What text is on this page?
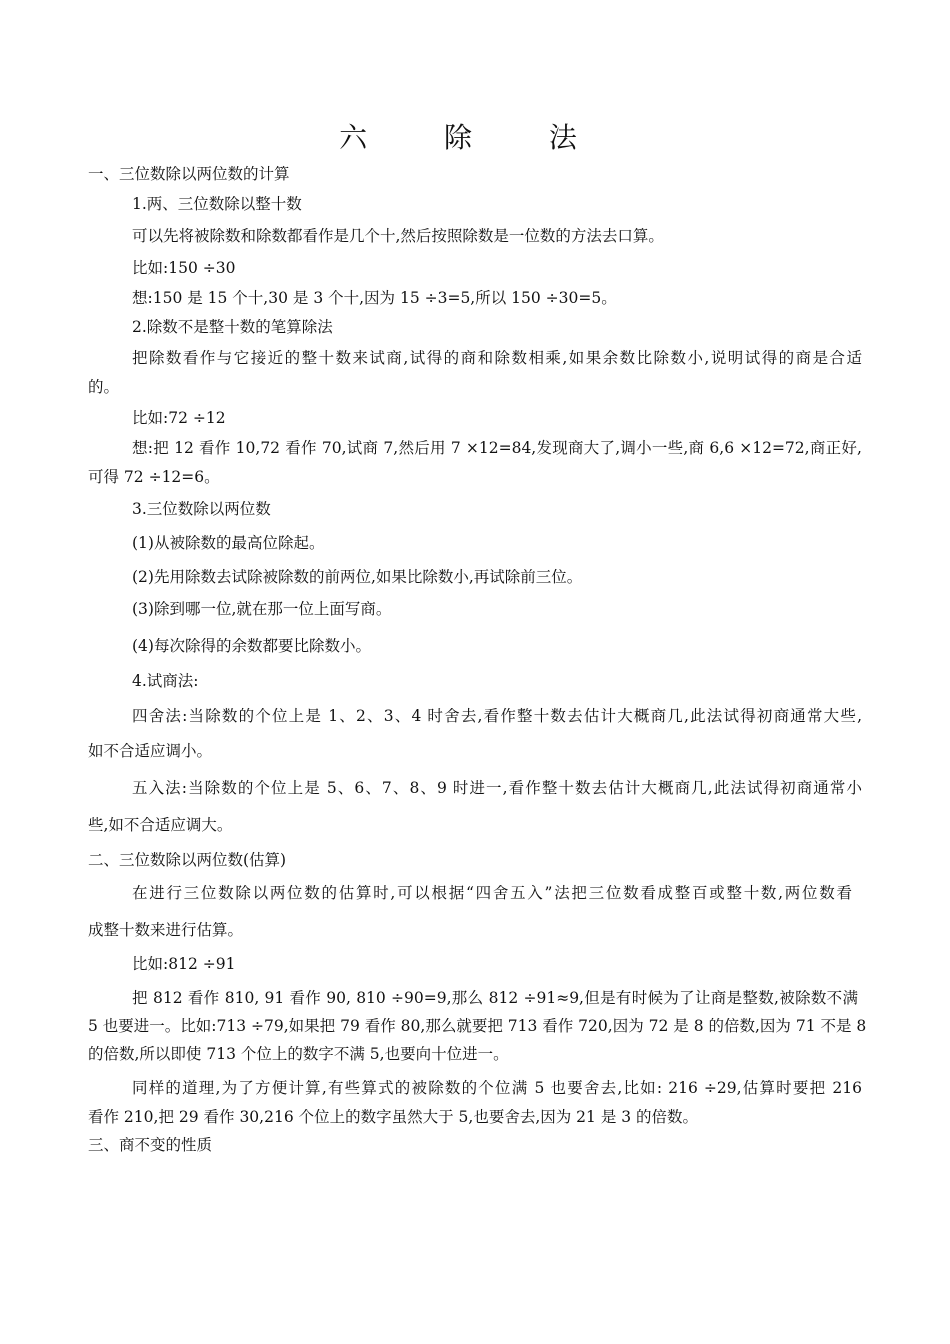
六 除 法
一、三位数除以两位数的计算
1.两、三位数除以整十数
可以先将被除数和除数都看作是几个十,然后按照除数是一位数的方法去口算。
比如:150 ÷30
想:150 是 15 个十,30 是 3 个十,因为 15 ÷3=5,所以 150 ÷30=5。
2.除数不是整十数的笔算除法
把除数看作与它接近的整十数来试商,试得的商和除数相乘,如果余数比除数小,说明试得的商是合适
的。
比如:72 ÷12
想:把 12 看作 10,72 看作 70,试商 7,然后用 7 ×12=84,发现商大了,调小一些,商 6,6 ×12=72,商正好,
可得 72 ÷12=6。
3.三位数除以两位数
(1)从被除数的最高位除起。
(2)先用除数去试除被除数的前两位,如果比除数小,再试除前三位。
(3)除到哪一位,就在那一位上面写商。
(4)每次除得的余数都要比除数小。
4.试商法:
四舍法:当除数的个位上是 1、2、3、4 时舍去,看作整十数去估计大概商几,此法试得初商通常大些,
如不合适应调小。
五入法:当除数的个位上是 5、6、7、8、9 时进一,看作整十数去估计大概商几,此法试得初商通常小
些,如不合适应调大。
二、三位数除以两位数(估算)
在进行三位数除以两位数的估算时,可以根据“四舍五入”法把三位数看成整百或整十数,两位数看
成整十数来进行估算。
比如:812 ÷91
把 812 看作 810, 91 看作 90, 810 ÷90=9,那么 812 ÷91≈9,但是有时候为了让商是整数,被除数不满
5 也要进一。比如:713 ÷79,如果把 79 看作 80,那么就要把 713 看作 720,因为 72 是 8 的倍数,因为 71 不是 8
的倍数,所以即使 713 个位上的数字不满 5,也要向十位进一。
同样的道理,为了方便计算,有些算式的被除数的个位满 5 也要舍去,比如: 216 ÷29,估算时要把 216
看作 210,把 29 看作 30,216 个位上的数字虽然大于 5,也要舍去,因为 21 是 3 的倍数。
三、商不变的性质
